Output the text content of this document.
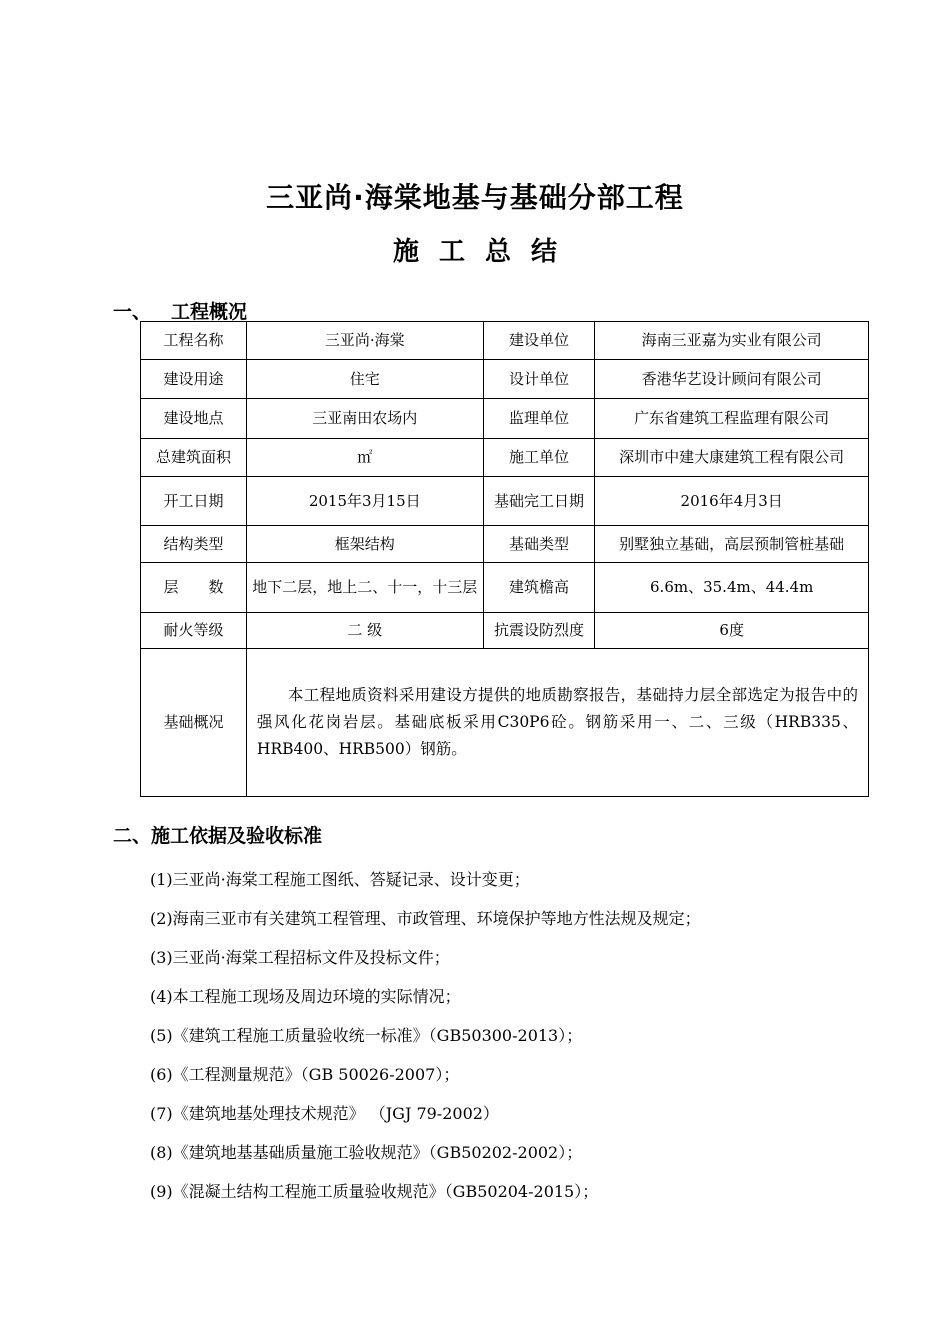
三亚尚·海棠地基与基础分部工程
施工总结
一、 工程概况
工程名称	三亚尚·海棠	建设单位	海南三亚嘉为实业有限公司
建设用途	住宅	设计单位	香港华艺设计顾问有限公司
建设地点	三亚南田农场内	监理单位	广东省建筑工程监理有限公司
总建筑面积	㎡	施工单位	深圳市中建大康建筑工程有限公司
开工日期	2015年3月15日	基础完工日期	2016年4月3日
结构类型	框架结构	基础类型	别墅独立基础，高层预制管桩基础
层　　数	地下二层，地上二、十一，十三层	建筑檐高	6.6m、35.4m、44.4m
耐火等级	二 级	抗震设防烈度	6度
基础概况	本工程地质资料采用建设方提供的地质勘察报告，基础持力层全部选定为报告中的强风化花岗岩层。基础底板采用C30P6砼。钢筋采用一、二、三级（HRB335、HRB400、HRB500）钢筋。		
二、施工依据及验收标准
(1)三亚尚·海棠工程施工图纸、答疑记录、设计变更；
(2)海南三亚市有关建筑工程管理、市政管理、环境保护等地方性法规及规定；
(3)三亚尚·海棠工程招标文件及投标文件；
(4)本工程施工现场及周边环境的实际情况；
(5)《建筑工程施工质量验收统一标准》（GB50300-2013）；
(6)《工程测量规范》（GB 50026-2007）；
(7)《建筑地基处理技术规范》 （JGJ 79-2002）
(8)《建筑地基基础质量施工验收规范》（GB50202-2002）；
(9)《混凝土结构工程施工质量验收规范》（GB50204-2015）；
